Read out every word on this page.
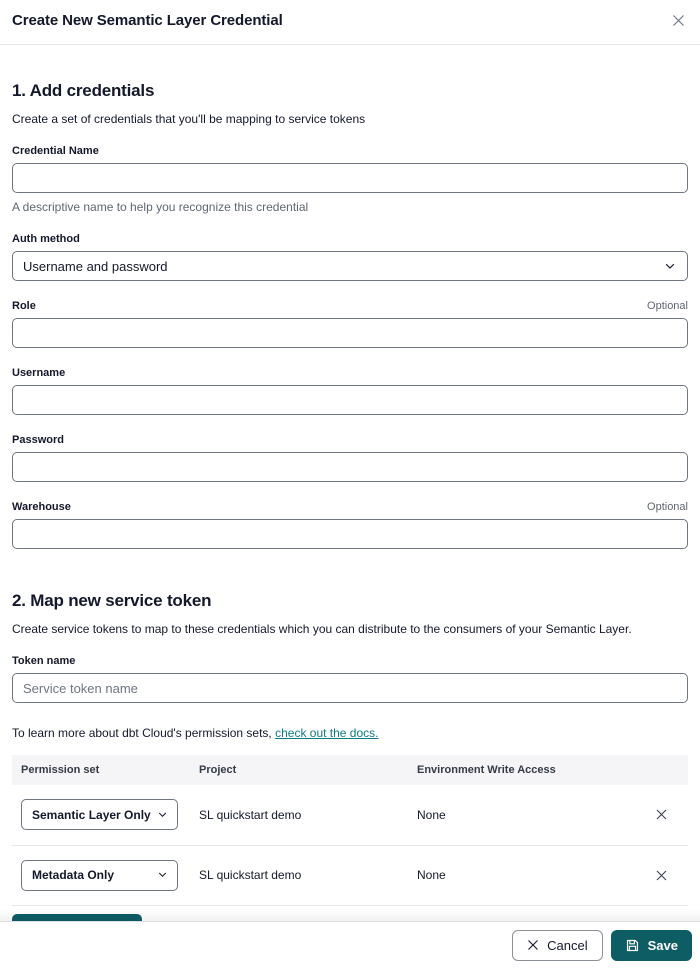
Create New Semantic Layer Credential
1. Add credentials
Create a set of credentials that you'll be mapping to service tokens
Credential Name
A descriptive name to help you recognize this credential
Auth method
Username and password
Role	Optional
Username
Password
Warehouse	Optional
2. Map new service token
Create service tokens to map to these credentials which you can distribute to the consumers of your Semantic Layer.
Token name
Service token name
To learn more about dbt Cloud's permission sets, check out the docs.
Permission set	Project	Environment Write Access	

Semantic Layer Only	SL quickstart demo	None	

Metadata Only	SL quickstart demo	None	
Cancel	Save
